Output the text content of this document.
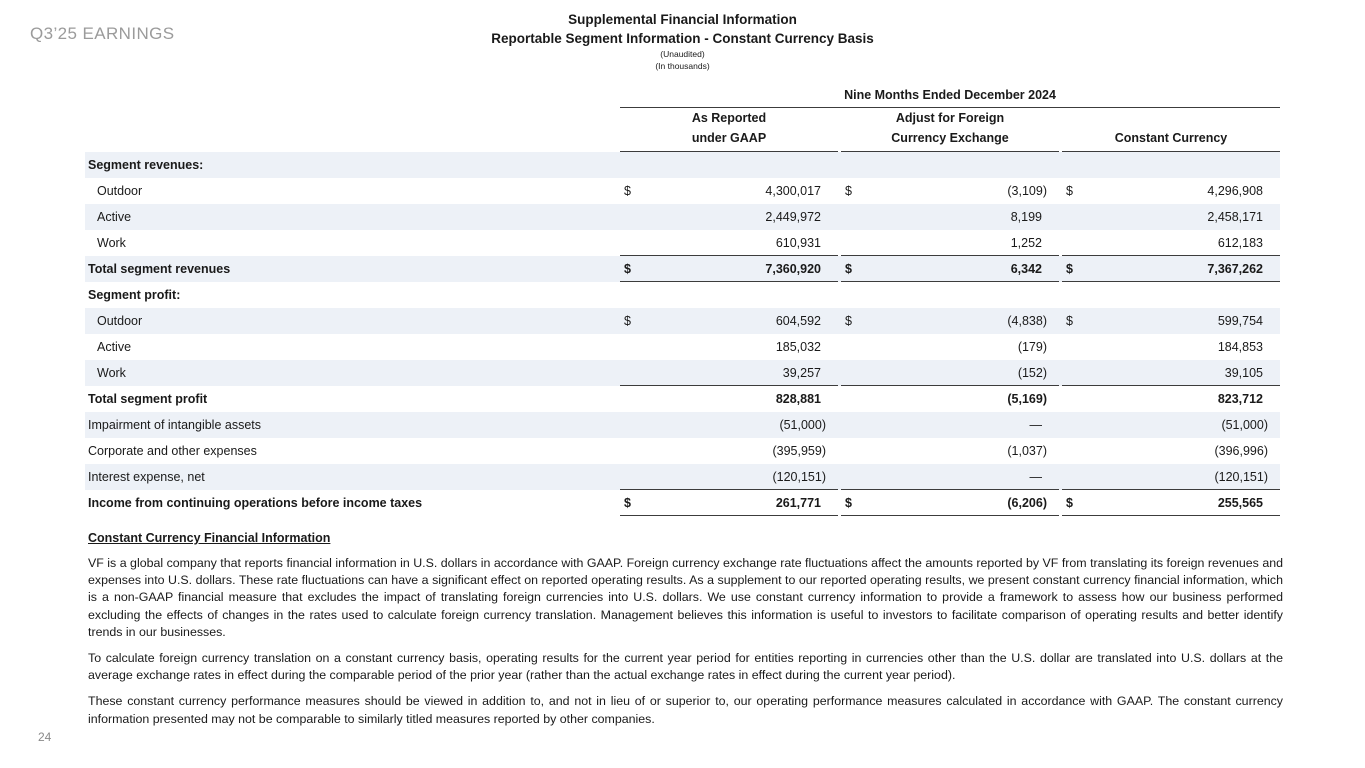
Q3’25 EARNINGS
Supplemental Financial Information
Reportable Segment Information - Constant Currency Basis
(Unaudited)
(In thousands)
Nine Months Ended December 2024
As Reported
under GAAP
Adjust for Foreign
Currency Exchange	Constant Currency
Segment revenues:
Outdoor	$	4,300,017	$	(3,109)	$	4,296,908
Active	2,449,972	8,199	2,458,171
Work	610,931	1,252	612,183
Total segment revenues	$	7,360,920	$	6,342	$	7,367,262
Segment profit:
Outdoor	$	604,592	$	(4,838)	$	599,754
Active	185,032	(179)	184,853
Work	39,257	(152)	39,105
Total segment profit	828,881	(5,169)	823,712
Impairment of intangible assets	(51,000)	—	(51,000)
Corporate and other expenses	(395,959)	(1,037)	(396,996)
Interest expense, net	(120,151)	—	(120,151)
Income from continuing operations before income taxes	$	261,771	$	(6,206)	$	255,565
Constant Currency Financial Information

VF is a global company that reports financial information in U.S. dollars in accordance with GAAP. Foreign currency exchange rate fluctuations affect the amounts reported by VF from translating its foreign revenues and expenses into U.S. dollars. These rate fluctuations can have a significant effect on reported operating results. As a supplement to our reported operating results, we present constant currency financial information, which is a non-GAAP financial measure that excludes the impact of translating foreign currencies into U.S. dollars. We use constant currency information to provide a framework to assess how our business performed excluding the effects of changes in the rates used to calculate foreign currency translation. Management believes this information is useful to investors to facilitate comparison of operating results and better identify trends in our businesses.

To calculate foreign currency translation on a constant currency basis, operating results for the current year period for entities reporting in currencies other than the U.S. dollar are translated into U.S. dollars at the average exchange rates in effect during the comparable period of the prior year (rather than the actual exchange rates in effect during the current year period).

These constant currency performance measures should be viewed in addition to, and not in lieu of or superior to, our operating performance measures calculated in accordance with GAAP. The constant currency information presented may not be comparable to similarly titled measures reported by other companies.

24
